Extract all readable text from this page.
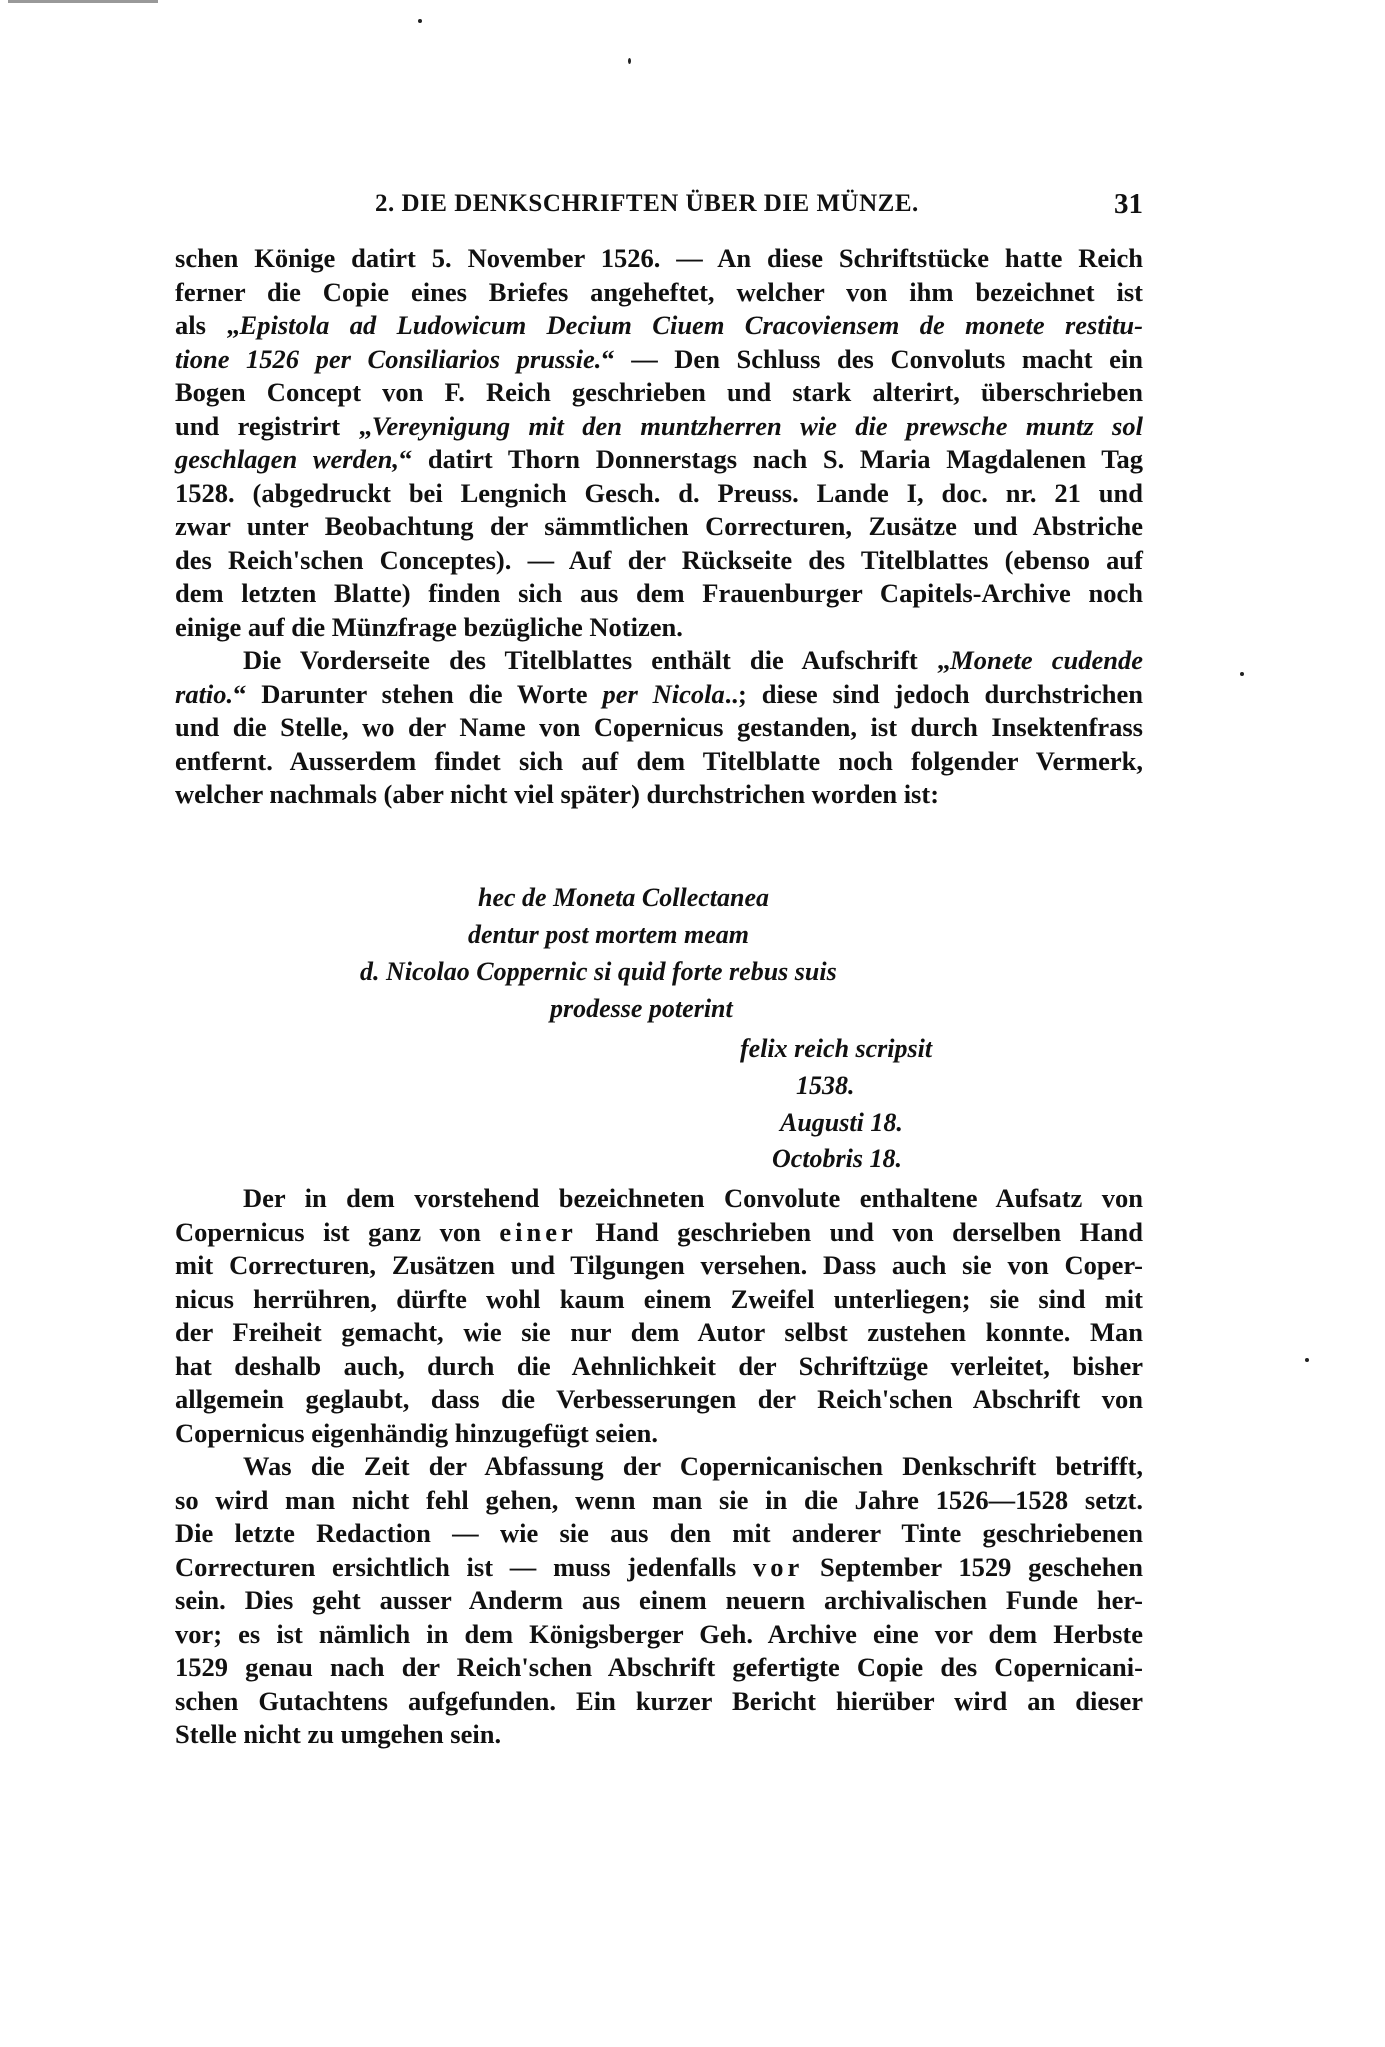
2. DIE DENKSCHRIFTEN ÜBER DIE MÜNZE.	31
schen Könige datirt 5. November 1526. — An diese Schriftstücke hatte Reich
ferner die Copie eines Briefes angeheftet, welcher von ihm bezeichnet ist
als „Epistola ad Ludowicum Decium Ciuem Cracoviensem de monete restitu-
tione 1526 per Consiliarios prussie.“ — Den Schluss des Convoluts macht ein
Bogen Concept von F. Reich geschrieben und stark alterirt, überschrieben
und registrirt „Vereynigung mit den muntzherren wie die prewsche muntz sol
geschlagen werden,“ datirt Thorn Donnerstags nach S. Maria Magdalenen Tag
1528. (abgedruckt bei Lengnich Gesch. d. Preuss. Lande I, doc. nr. 21 und
zwar unter Beobachtung der sämmtlichen Correcturen, Zusätze und Abstriche
des Reich'schen Conceptes). — Auf der Rückseite des Titelblattes (ebenso auf
dem letzten Blatte) finden sich aus dem Frauenburger Capitels-Archive noch
einige auf die Münzfrage bezügliche Notizen.
Die Vorderseite des Titelblattes enthält die Aufschrift „Monete cudende
ratio.“ Darunter stehen die Worte per Nicola..; diese sind jedoch durchstrichen
und die Stelle, wo der Name von Copernicus gestanden, ist durch Insektenfrass
entfernt. Ausserdem findet sich auf dem Titelblatte noch folgender Vermerk,
welcher nachmals (aber nicht viel später) durchstrichen worden ist:
hec de Moneta Collectanea
dentur post mortem meam
d. Nicolao Coppernic si quid forte rebus suis
prodesse poterint
felix reich scripsit
1538.
Augusti 18.
Octobris 18.
Der in dem vorstehend bezeichneten Convolute enthaltene Aufsatz von
Copernicus ist ganz von einer Hand geschrieben und von derselben Hand
mit Correcturen, Zusätzen und Tilgungen versehen. Dass auch sie von Coper-
nicus herrühren, dürfte wohl kaum einem Zweifel unterliegen; sie sind mit
der Freiheit gemacht, wie sie nur dem Autor selbst zustehen konnte. Man
hat deshalb auch, durch die Aehnlichkeit der Schriftzüge verleitet, bisher
allgemein geglaubt, dass die Verbesserungen der Reich'schen Abschrift von
Copernicus eigenhändig hinzugefügt seien.
Was die Zeit der Abfassung der Copernicanischen Denkschrift betrifft,
so wird man nicht fehl gehen, wenn man sie in die Jahre 1526—1528 setzt.
Die letzte Redaction — wie sie aus den mit anderer Tinte geschriebenen
Correcturen ersichtlich ist — muss jedenfalls vor September 1529 geschehen
sein. Dies geht ausser Anderm aus einem neuern archivalischen Funde her-
vor; es ist nämlich in dem Königsberger Geh. Archive eine vor dem Herbste
1529 genau nach der Reich'schen Abschrift gefertigte Copie des Copernicani-
schen Gutachtens aufgefunden. Ein kurzer Bericht hierüber wird an dieser
Stelle nicht zu umgehen sein.
